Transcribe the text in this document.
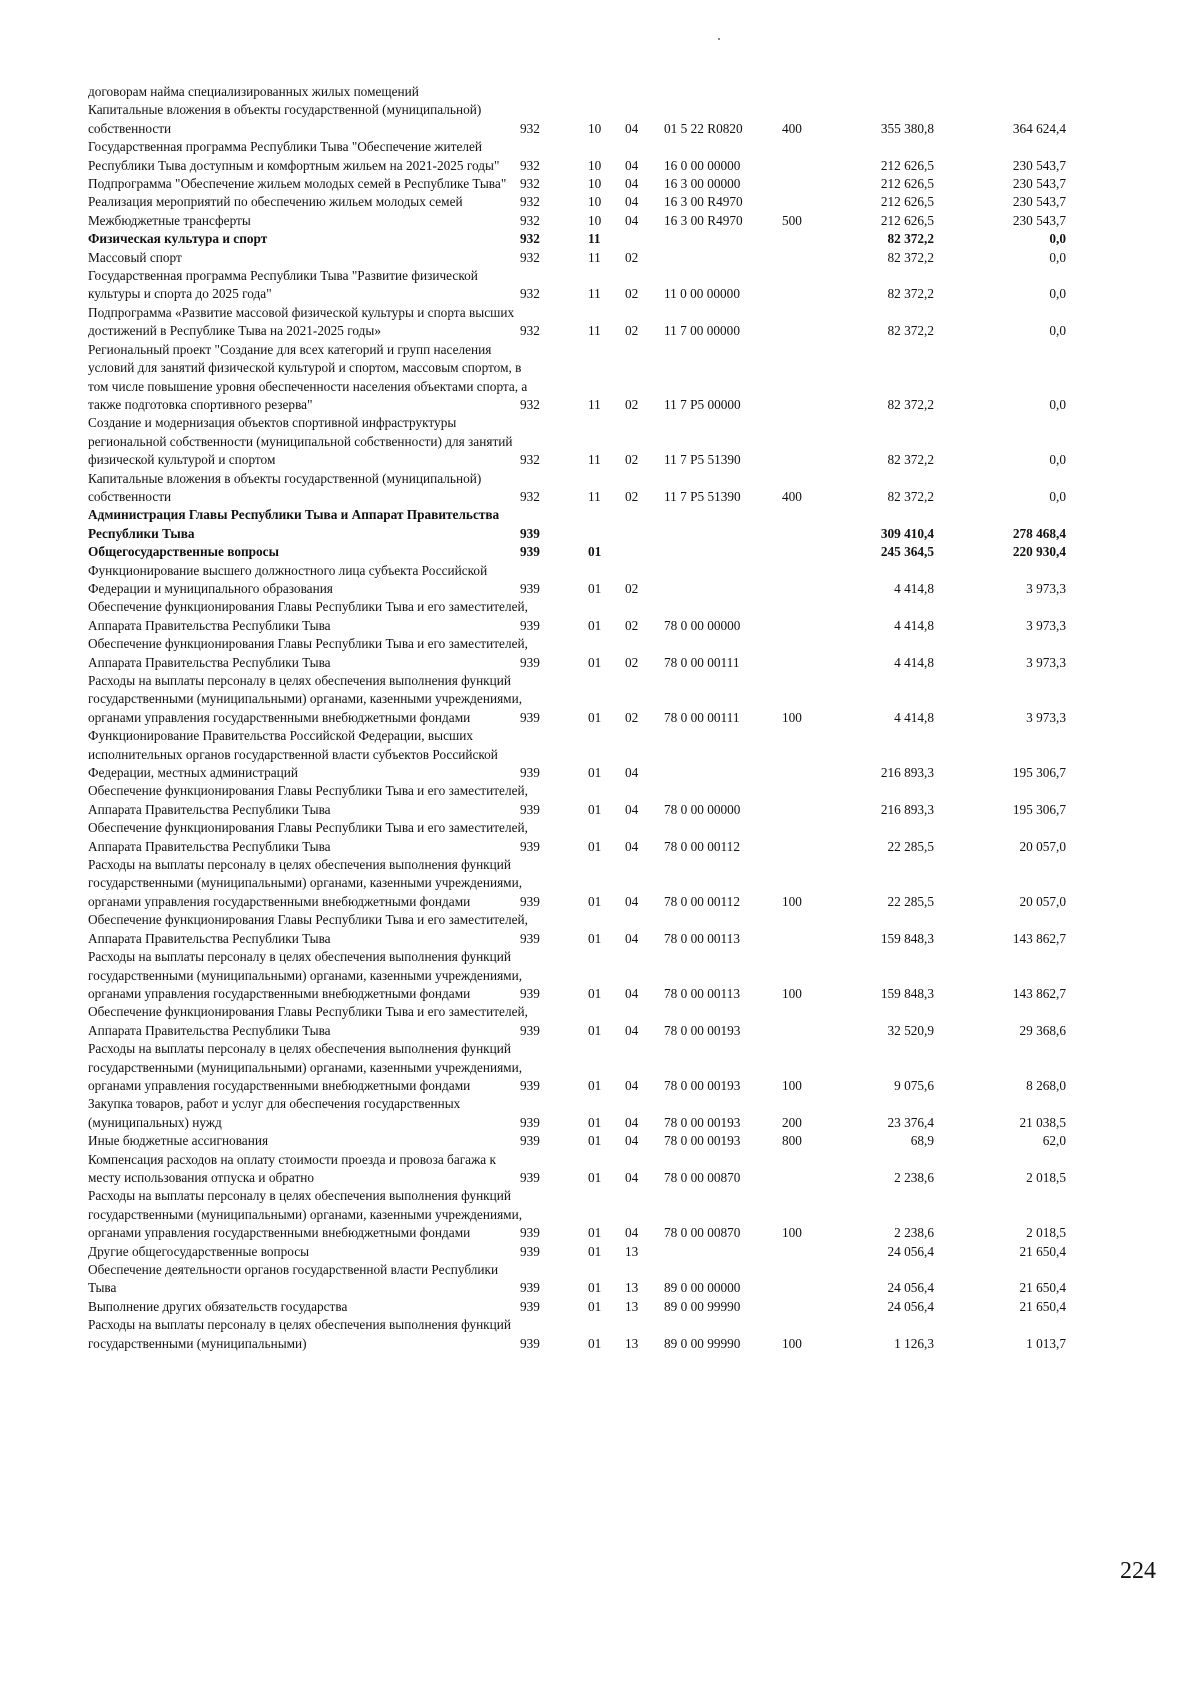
договорам найма специализированных жилых помещений
Капитальные вложения в объекты государственной (муниципальной) собственности	932	10 04 01 5 22 R0820	400	355 380,8	364 624,4
Государственная программа Республики Тыва "Обеспечение жителей Республики Тыва доступным и комфортным жильем на 2021-2025 годы"	932	10 04 16 0 00 00000	212 626,5	230 543,7
Подпрограмма "Обеспечение жильем молодых семей в Республике Тыва"	932	10 04 16 3 00 00000	212 626,5	230 543,7
Реализация мероприятий по обеспечению жильем молодых семей	932	10 04 16 3 00 R4970	212 626,5	230 543,7
Межбюджетные трансферты	932	10 04 16 3 00 R4970	500	212 626,5	230 543,7
Физическая культура и спорт	932	11	82 372,2	0,0
Массовый спорт	932	11 02	82 372,2	0,0
Государственная программа Республики Тыва "Развитие физической культуры и спорта до 2025 года"	932	11 02 11 0 00 00000	82 372,2	0,0
Подпрограмма «Развитие массовой физической культуры и спорта высших достижений в Республике Тыва на 2021-2025 годы»	932	11 02 11 7 00 00000	82 372,2	0,0
Региональный проект "Создание для всех категорий и групп населения условий для занятий физической культурой и спортом, массовым спортом, в том числе повышение уровня обеспеченности населения объектами спорта, а также подготовка спортивного резерва"	932	11 02 11 7 P5 00000	82 372,2	0,0
Создание и модернизация объектов спортивной инфраструктуры региональной собственности (муниципальной собственности) для занятий физической культурой и спортом	932	11 02 11 7 P5 51390	82 372,2	0,0
Капитальные вложения в объекты государственной (муниципальной) собственности	932	11 02 11 7 P5 51390	400	82 372,2	0,0
Администрация Главы Республики Тыва и Аппарат Правительства Республики Тыва	939	309 410,4	278 468,4
Общегосударственные вопросы	939	01	245 364,5	220 930,4
Функционирование высшего должностного лица субъекта Российской Федерации и муниципального образования	939	01 02	4 414,8	3 973,3
Обеспечение функционирования Главы Республики Тыва и его заместителей, Аппарата Правительства Республики Тыва	939	01 02 78 0 00 00000	4 414,8	3 973,3
Обеспечение функционирования Главы Республики Тыва и его заместителей, Аппарата Правительства Республики Тыва	939	01 02 78 0 00 00111	4 414,8	3 973,3
Расходы на выплаты персоналу в целях обеспечения выполнения функций государственными (муниципальными) органами, казенными учреждениями, органами управления государственными внебюджетными фондами	939	01 02 78 0 00 00111	100	4 414,8	3 973,3
Функционирование Правительства Российской Федерации, высших исполнительных органов государственной власти субъектов Российской Федерации, местных администраций	939	01 04	216 893,3	195 306,7
Обеспечение функционирования Главы Республики Тыва и его заместителей, Аппарата Правительства Республики Тыва	939	01 04 78 0 00 00000	216 893,3	195 306,7
Обеспечение функционирования Главы Республики Тыва и его заместителей, Аппарата Правительства Республики Тыва	939	01 04 78 0 00 00112	22 285,5	20 057,0
Расходы на выплаты персоналу в целях обеспечения выполнения функций государственными (муниципальными) органами, казенными учреждениями, органами управления государственными внебюджетными фондами	939	01 04 78 0 00 00112	100	22 285,5	20 057,0
Обеспечение функционирования Главы Республики Тыва и его заместителей, Аппарата Правительства Республики Тыва	939	01 04 78 0 00 00113	159 848,3	143 862,7
Расходы на выплаты персоналу в целях обеспечения выполнения функций государственными (муниципальными) органами, казенными учреждениями, органами управления государственными внебюджетными фондами	939	01 04 78 0 00 00113	100	159 848,3	143 862,7
Обеспечение функционирования Главы Республики Тыва и его заместителей, Аппарата Правительства Республики Тыва	939	01 04 78 0 00 00193	32 520,9	29 368,6
Расходы на выплаты персоналу в целях обеспечения выполнения функций государственными (муниципальными) органами, казенными учреждениями, органами управления государственными внебюджетными фондами	939	01 04 78 0 00 00193	100	9 075,6	8 268,0
Закупка товаров, работ и услуг для обеспечения государственных (муниципальных) нужд	939	01 04 78 0 00 00193	200	23 376,4	21 038,5
Иные бюджетные ассигнования	939	01 04 78 0 00 00193	800	68,9	62,0
Компенсация расходов на оплату стоимости проезда и провоза багажа к месту использования отпуска и обратно	939	01 04 78 0 00 00870	2 238,6	2 018,5
Расходы на выплаты персоналу в целях обеспечения выполнения функций государственными (муниципальными) органами, казенными учреждениями, органами управления государственными внебюджетными фондами	939	01 04 78 0 00 00870	100	2 238,6	2 018,5
Другие общегосударственные вопросы	939	01 13	24 056,4	21 650,4
Обеспечение деятельности органов государственной власти Республики Тыва	939	01 13 89 0 00 00000	24 056,4	21 650,4
Выполнение других обязательств государства	939	01 13 89 0 00 99990	24 056,4	21 650,4
Расходы на выплаты персоналу в целях обеспечения выполнения функций государственными (муниципальными)	939	01 13 89 0 00 99990	100	1 126,3	1 013,7
224
